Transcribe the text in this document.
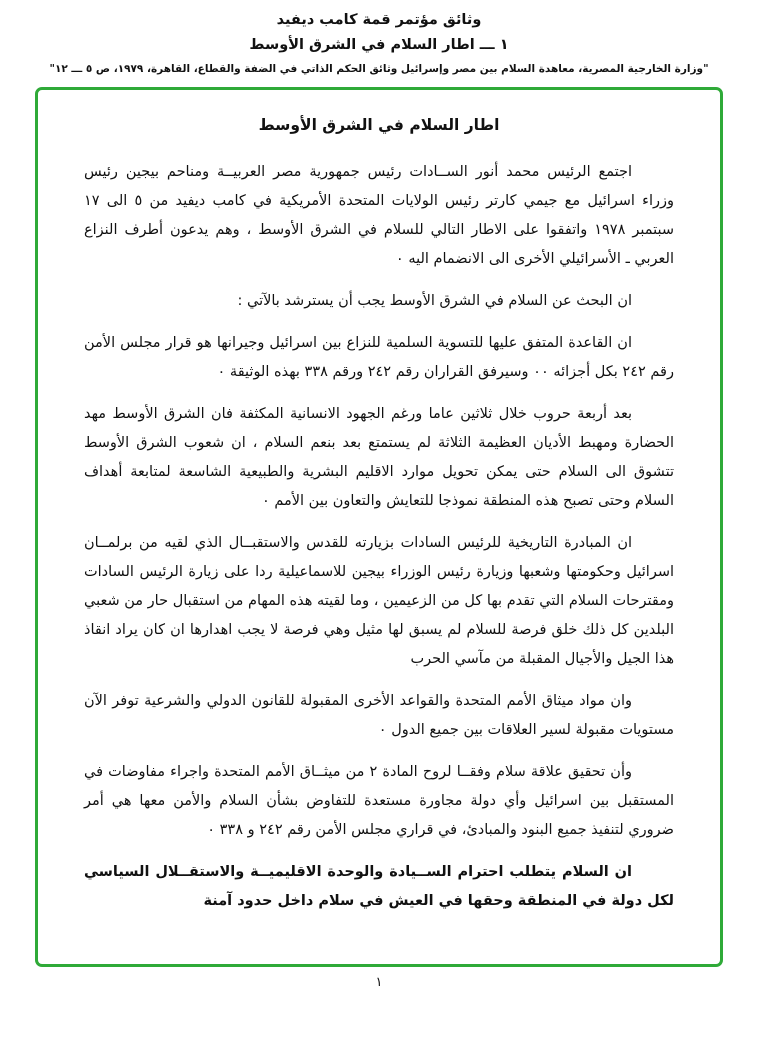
وثائق مؤتمر قمة كامب ديفيد

١ ـــ اطار السلام في الشرق الأوسط

"وزارة الخارجية المصرية، معاهدة السلام بين مصر وإسرائيل وثائق الحكم الذاتي في الضفة والقطاع، القاهرة، ١٩٧٩، ص ٥ ـــ ١٢"

اطار السلام في الشرق الأوسط

اجتمع الرئيس محمد أنور الســادات رئيس جمهورية مصر العربيــة ومناحم بيجين رئيس وزراء اسرائيل مع جيمي كارتر رئيس الولايات المتحدة الأمريكية في كامب ديفيد من ٥ الى ١٧ سبتمبر ١٩٧٨ واتفقوا على الاطار التالي للسلام في الشرق الأوسط ، وهم يدعون أطرف النزاع العربي ـ الأسرائيلي الأخرى الى الانضمام اليه ٠

ان البحث عن السلام في الشرق الأوسط يجب أن يسترشد بالآتي :

ان القاعدة المتفق عليها للتسوية السلمية للنزاع بين اسرائيل وجيرانها هو قرار مجلس الأمن رقم ٢٤٢ بكل أجزائه ٠٠ وسيرفق القراران رقم ٢٤٢ ورقم ٣٣٨ بهذه الوثيقة ٠

بعد أربعة حروب خلال ثلاثين عاما ورغم الجهود الانسانية المكثفة فان الشرق الأوسط مهد الحضارة ومهبط الأديان العظيمة الثلاثة لم يستمتع بعد بنعم السلام ، ان شعوب الشرق الأوسط تتشوق الى السلام حتى يمكن تحويل موارد الاقليم البشرية والطبيعية الشاسعة لمتابعة أهداف السلام وحتى تصبح هذه المنطقة نموذجا للتعايش والتعاون بين الأمم ٠

ان المبادرة التاريخية للرئيس السادات بزيارته للقدس والاستقبــال الذي لقيه من برلمــان اسرائيل وحكومتها وشعبها وزيارة رئيس الوزراء بيجين للاسماعيلية ردا على زيارة الرئيس السادات ومقترحات السلام التي تقدم بها كل من الزعيمين ، وما لقيته هذه المهام من استقبال حار من شعبي البلدين كل ذلك خلق فرصة للسلام لم يسبق لها مثيل وهي فرصة لا يجب اهدارها ان كان يراد انقاذ هذا الجيل والأجيال المقبلة من مآسي الحرب

وان مواد ميثاق الأمم المتحدة والقواعد الأخرى المقبولة للقانون الدولي والشرعية توفر الآن مستويات مقبولة لسير العلاقات بين جميع الدول ٠

وأن تحقيق علاقة سلام وفقــا لروح المادة ٢ من ميثــاق الأمم المتحدة واجراء مفاوضات في المستقبل بين اسرائيل وأي دولة مجاورة مستعدة للتفاوض بشأن السلام والأمن معها هي أمر ضروري لتنفيذ جميع البنود والمبادئ، في قراري مجلس الأمن رقم ٢٤٢ و ٣٣٨ ٠

ان السلام يتطلب احترام الســيادة والوحدة الاقليميــة والاستقــلال السياسي لكل دولة في المنطقة وحقها في العيش في سلام داخل حدود آمنة

١
